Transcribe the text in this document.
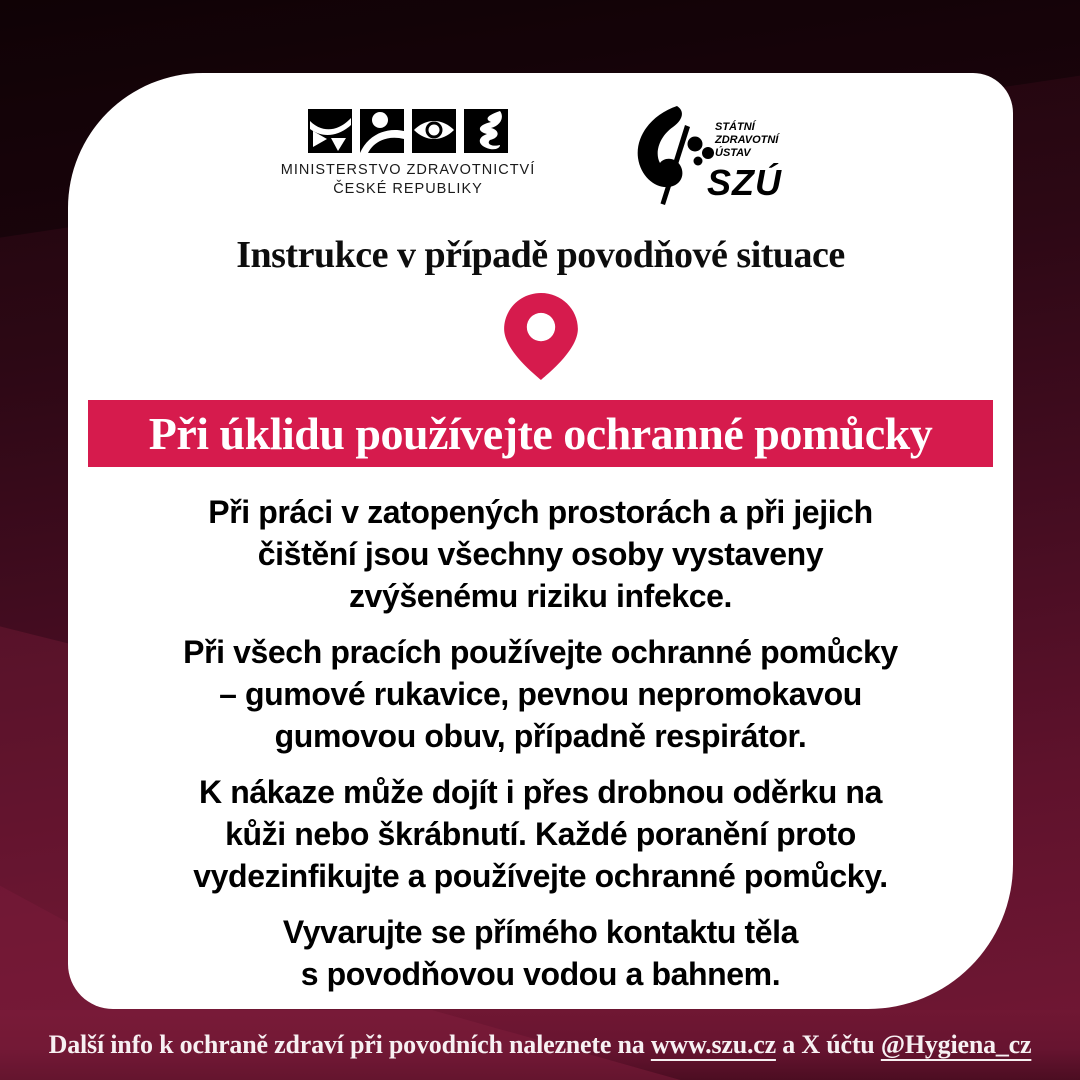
MINISTERSTVO ZDRAVOTNICTVÍ
ČESKÉ REPUBLIKY
STÁTNÍ
ZDRAVOTNÍ
ÚSTAV
SZÚ
Instrukce v případě povodňové situace
Při úklidu používejte ochranné pomůcky
Při práci v zatopených prostorách a při jejich
čištění jsou všechny osoby vystaveny
zvýšenému riziku infekce.
Při všech pracích používejte ochranné pomůcky
– gumové rukavice, pevnou nepromokavou
gumovou obuv, případně respirátor.
K nákaze může dojít i přes drobnou oděrku na
kůži nebo škrábnutí. Každé poranění proto
vydezinfikujte a používejte ochranné pomůcky.
Vyvarujte se přímého kontaktu těla
s povodňovou vodou a bahnem.
Další info k ochraně zdraví při povodních naleznete na www.szu.cz a X účtu @Hygiena_cz
